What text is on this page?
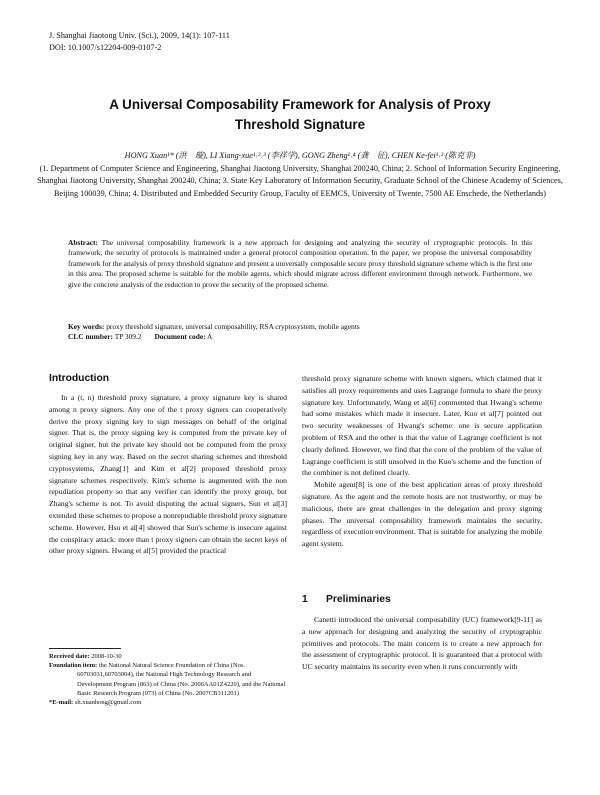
J. Shanghai Jiaotong Univ. (Sci.), 2009, 14(1): 107-111
DOI: 10.1007/s12204-009-0107-2
A Universal Composability Framework for Analysis of Proxy
Threshold Signature
HONG Xuan¹* (洪　璇), LI Xiang-xue¹˒²˒³ (李祥学), GONG Zheng¹˒⁴ (龚　征), CHEN Ke-fei¹˒² (陈克非)
(1. Department of Computer Science and Engineering, Shanghai Jiaotong University, Shanghai 200240, China; 2. School of Information Security Engineering, Shanghai Jiaotong University, Shanghai 200240, China; 3. State Key Laboratory of Information Security, Graduate School of the Chinese Academy of Sciences, Beijing 100039, China; 4. Distributed and Embedded Security Group, Faculty of EEMCS, University of Twente, 7500 AE Enschede, the Netherlands)
Abstract: The universal composability framework is a new approach for designing and analyzing the security of cryptographic protocols. In this framework, the security of protocols is maintained under a general protocol composition operation. In the paper, we propose the universal composability framework for the analysis of proxy threshold signature and present a universally composable secure proxy threshold signature scheme which is the first one in this area. The proposed scheme is suitable for the mobile agents, which should migrate across different environment through network. Furthermore, we give the concrete analysis of the reduction to prove the security of the proposed scheme.
Key words: proxy threshold signature, universal composability, RSA cryptosystem, mobile agents
CLC number: TP 309.2 Document code: A
Introduction

In a (t, n) threshold proxy signature, a proxy signature key is shared among n proxy signers. Any one of the t proxy signers can cooperatively derive the proxy signing key to sign messages on behalf of the original signer. That is, the proxy signing key is computed from the private key of original signer, but the private key should not be computed from the proxy signing key in any way. Based on the secret sharing schemes and threshold cryptosystems, Zhang[1] and Kim et al[2] proposed threshold proxy signature schemes respectively. Kim's scheme is augmented with the non repudiation property so that any verifier can identify the proxy group, but Zhang's scheme is not. To avoid disputing the actual signers, Sun et al[3] extended these schemes to propose a nonrepudiable threshold proxy signature scheme. However, Hsu et al[4] showed that Sun's scheme is insecure against the conspiracy attack: more than t proxy signers can obtain the secret keys of other proxy signers. Hwang et al[5] provided the practical

threshold proxy signature scheme with known signers, which claimed that it satisfies all proxy requirements and uses Lagrange formula to share the proxy signature key. Unfortunately, Wang et al[6] commented that Hwang's scheme had some mistakes which made it insecure. Later, Kuo et al[7] pointed out two security weaknesses of Hwang's scheme: one is secure application problem of RSA and the other is that the value of Lagrange coefficient is not clearly defined. However, we find that the core of the problem of the value of Lagrange coefficient is still unsolved in the Kuo's scheme and the function of the combiner is not defined clearly.

Mobile agent[8] is one of the best application areas of proxy threshold signature. As the agent and the remote hosts are not trustworthy, or may be malicious, there are great challenges in the delegation and proxy signing phases. The universal composability framework maintains the security, regardless of execution environment. That is suitable for analyzing the mobile agent system.

1 Preliminaries

Canetti introduced the universal composability (UC) framework[9-11] as a new approach for designing and analyzing the security of cryptographic primitives and protocols. The main concern is to create a new approach for the assessment of cryptographic protocol. It is guaranteed that a protocol with UC security maintains its security even when it runs concurrently with

Received date: 2008-10-30

Foundation item: the National Natural Science Foundation of China (Nos. 60703031,60703004), the National High Technology Research and Development Program (863) of China (No. 2006AA01Z4220), and the National Basic Research Program (973) of China (No. 2007CB311201)

*E-mail: sh.xuanhong@gmail.com
